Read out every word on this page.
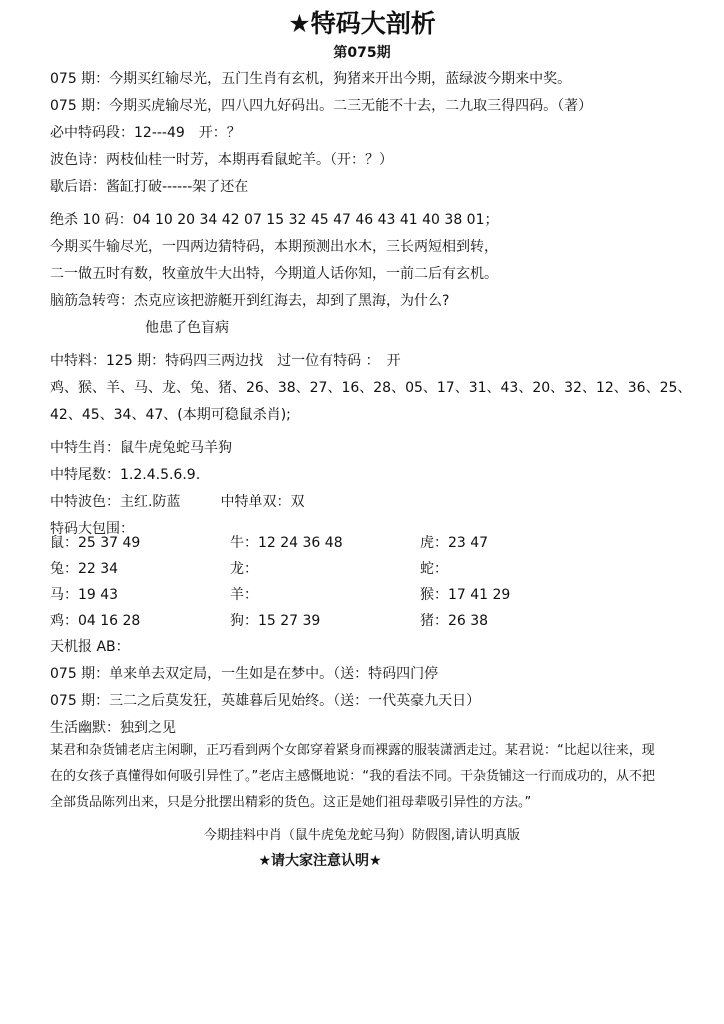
★特码大剖析
第075期
075 期：今期买红输尽光，五门生肖有玄机，狗猪来开出今期，蓝绿波今期来中奖。
075 期：今期买虎输尽光，四八四九好码出。二三无能不十去，二九取三得四码。（著）
必中特码段：12---49　开：？
波色诗：两枝仙桂一时芳，本期再看鼠蛇羊。（开：？）
歇后语：酱缸打破------架了还在
绝杀 10 码：04 10 20 34 42 07 15 32 45 47 46 43 41 40 38 01；
今期买牛输尽光，一四两边猜特码，本期预测出水木，三长两短相到转，
二一做五时有数，牧童放牛大出特，今期道人话你知，一前二后有玄机。
脑筋急转弯：杰克应该把游艇开到红海去，却到了黑海，为什么?
他患了色盲病
中特料：125 期：特码四三两边找　过一位有特码 ：　开
鸡、猴、羊、马、龙、兔、猪、26、38、27、16、28、05、17、31、43、20、32、12、36、25、
42、45、34、47、(本期可稳鼠杀肖);
中特生肖：鼠牛虎兔蛇马羊狗
中特尾数：1.2.4.5.6.9.
中特波色：主红.防蓝	中特单双：双
特码大包围：
鼠：25 37 49	牛：12 24 36 48	虎：23 47
兔：22 34	龙：	蛇：
马：19 43	羊：	猴：17 41 29
鸡：04 16 28	狗：15 27 39	猪：26 38
天机报 AB：
075 期：单来单去双定局，一生如是在梦中。（送：特码四门停
075 期：三二之后莫发狂，英雄暮后见始终。（送：一代英豪九天日）
生活幽默：独到之见

某君和杂货铺老店主闲聊，正巧看到两个女郎穿着紧身而裸露的服装潇洒走过。某君说：“比起以往来，现

在的女孩子真懂得如何吸引异性了。”老店主感慨地说：“我的看法不同。干杂货铺这一行而成功的，从不把

全部货品陈列出来，只是分批摆出精彩的货色。这正是她们祖母辈吸引异性的方法。”

今期挂料中肖（鼠牛虎兔龙蛇马狗）防假图,请认明真版
★请大家注意认明★
